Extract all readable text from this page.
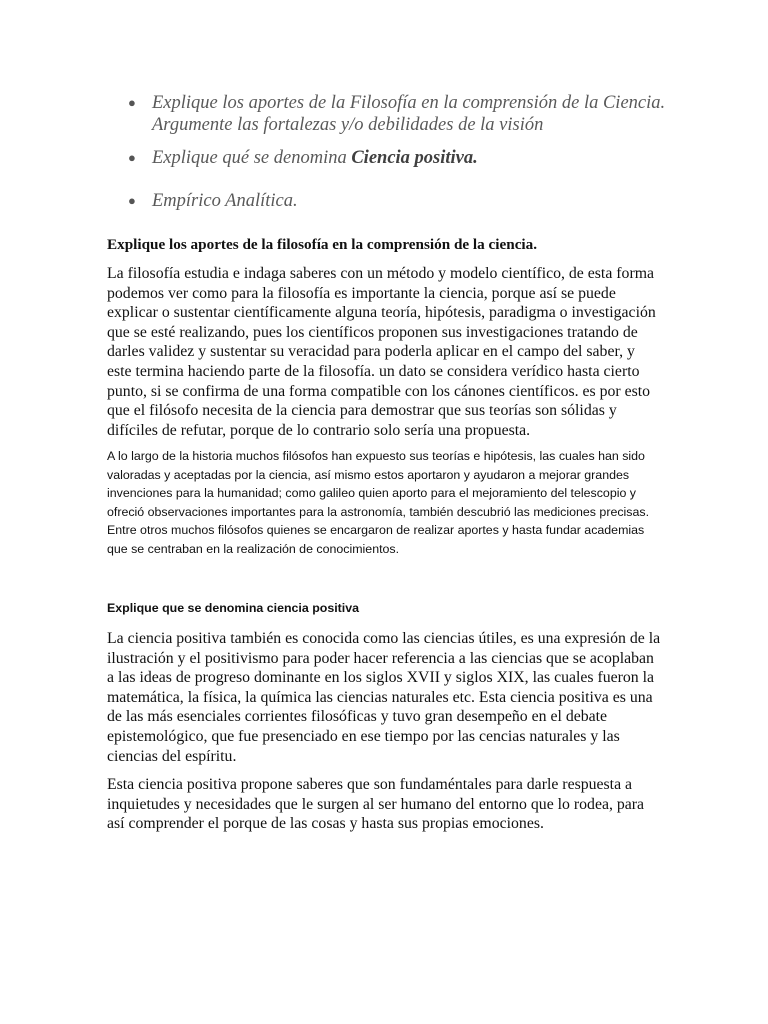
● Explique los aportes de la Filosofía en la comprensión de la Ciencia. Argumente las fortalezas y/o debilidades de la visión
● Explique qué se denomina Ciencia positiva.
● Empírico Analítica.
Explique los aportes de la filosofía en la comprensión de la ciencia.
La filosofía estudia e indaga saberes con un método y modelo científico, de esta forma podemos ver como para la filosofía es importante la ciencia, porque así se puede explicar o sustentar científicamente alguna teoría, hipótesis, paradigma o investigación que se esté realizando, pues los científicos proponen sus investigaciones tratando de darles validez y sustentar su veracidad para poderla aplicar en el campo del saber, y este termina haciendo parte de la filosofía. un dato se considera verídico hasta cierto punto, si se confirma de una forma compatible con los cánones científicos. es por esto que el filósofo necesita de la ciencia para demostrar que sus teorías son sólidas y difíciles de refutar, porque de lo contrario solo sería una propuesta.
A lo largo de la historia muchos filósofos han expuesto sus teorías e hipótesis, las cuales han sido valoradas y aceptadas por la ciencia, así mismo estos aportaron y ayudaron a mejorar grandes invenciones para la humanidad; como galileo quien aporto para el mejoramiento del telescopio y ofreció observaciones importantes para la astronomía, también descubrió las mediciones precisas. Entre otros muchos filósofos quienes se encargaron de realizar aportes y hasta fundar academias que se centraban en la realización de conocimientos.
Explique que se denomina ciencia positiva
La ciencia positiva también es conocida como las ciencias útiles, es una expresión de la ilustración y el positivismo para poder hacer referencia a las ciencias que se acoplaban a las ideas de progreso dominante en los siglos XVII y siglos XIX, las cuales fueron la matemática, la física, la química las ciencias naturales etc. Esta ciencia positiva es una de las más esenciales corrientes filosóficas y tuvo gran desempeño en el debate epistemológico, que fue presenciado en ese tiempo por las cencias naturales y las ciencias del espíritu.
Esta ciencia positiva propone saberes que son fundaméntales para darle respuesta a inquietudes y necesidades que le surgen al ser humano del entorno que lo rodea, para así comprender el porque de las cosas y hasta sus propias emociones.
